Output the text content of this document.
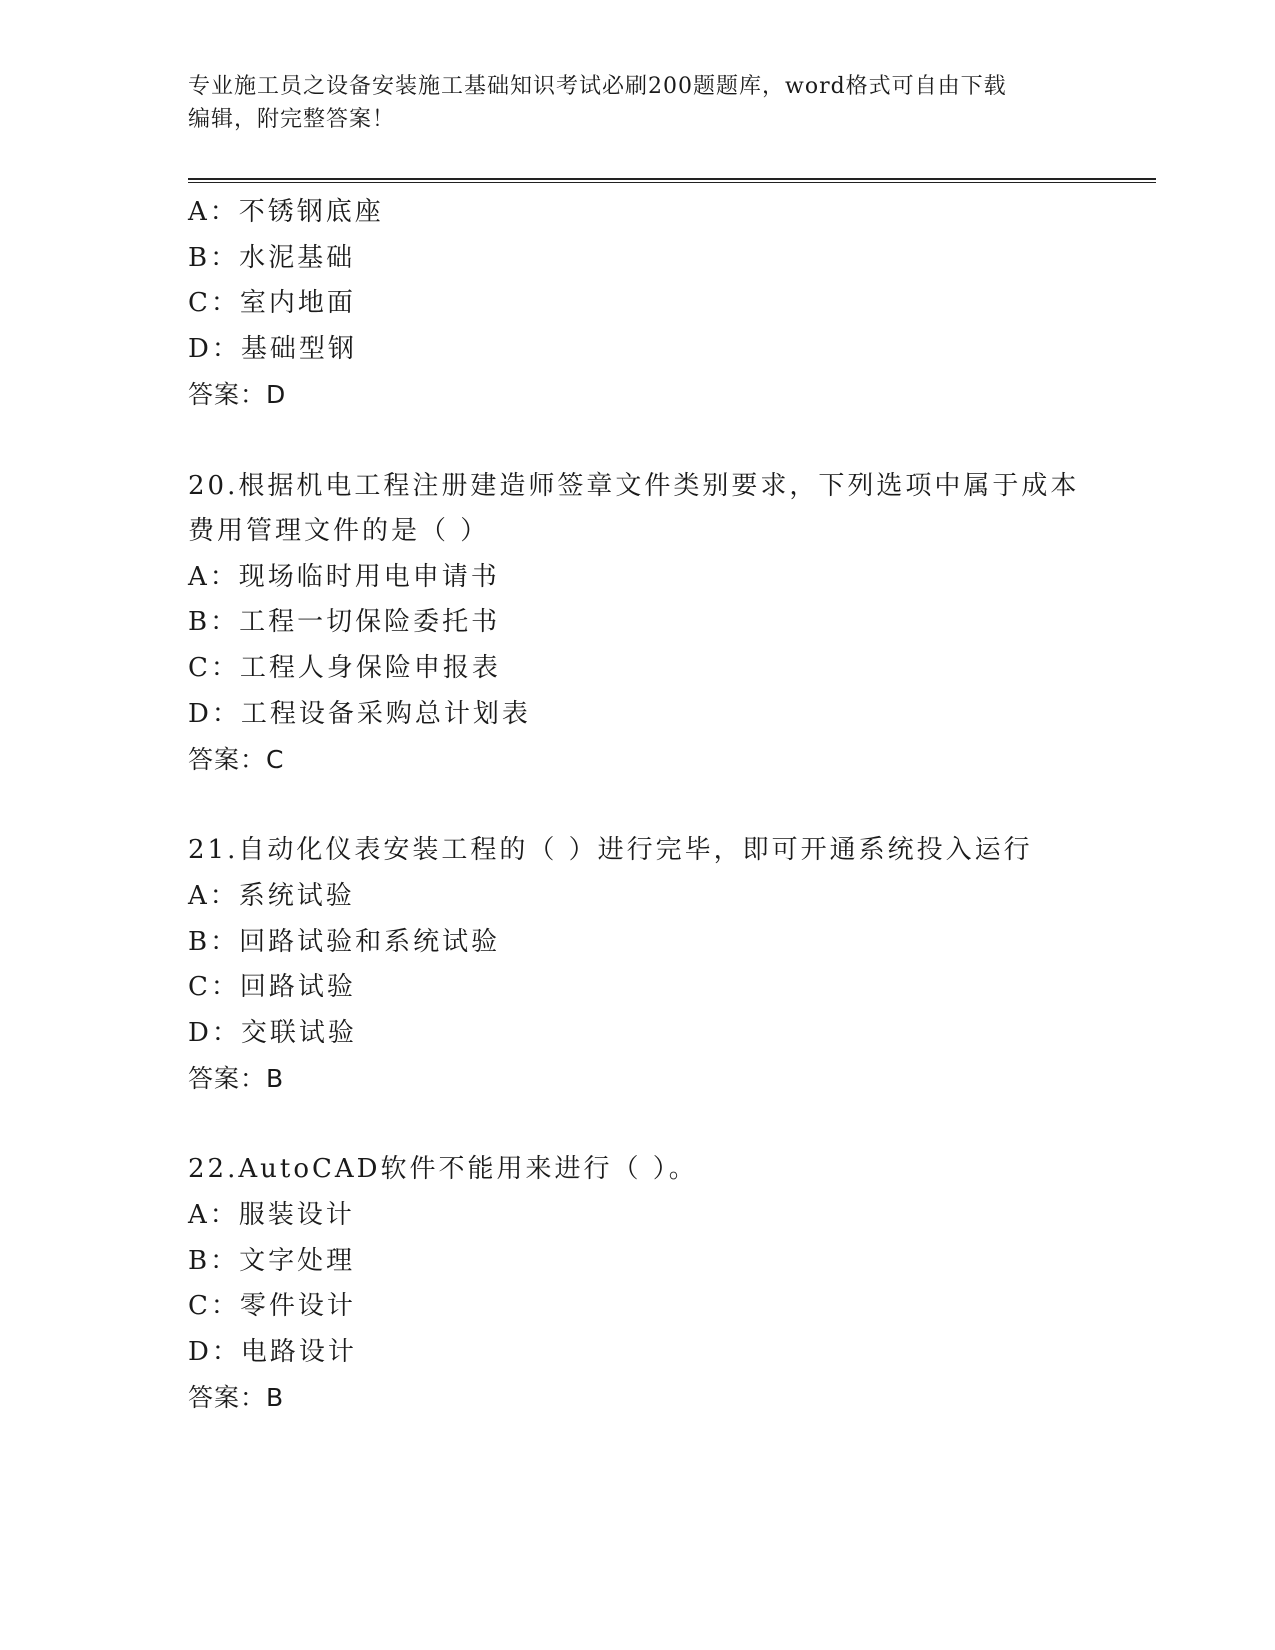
专业施工员之设备安装施工基础知识考试必刷200题题库，word格式可自由下载
编辑，附完整答案！
A：不锈钢底座
B：水泥基础
C：室内地面
D：基础型钢
答案：D
20.根据机电工程注册建造师签章文件类别要求，下列选项中属于成本
费用管理文件的是（ ）
A：现场临时用电申请书
B：工程一切保险委托书
C：工程人身保险申报表
D：工程设备采购总计划表
答案：C
21.自动化仪表安装工程的（ ）进行完毕，即可开通系统投入运行
A：系统试验
B：回路试验和系统试验
C：回路试验
D：交联试验
答案：B
22.AutoCAD软件不能用来进行（ ）。
A：服装设计
B：文字处理
C：零件设计
D：电路设计
答案：B
